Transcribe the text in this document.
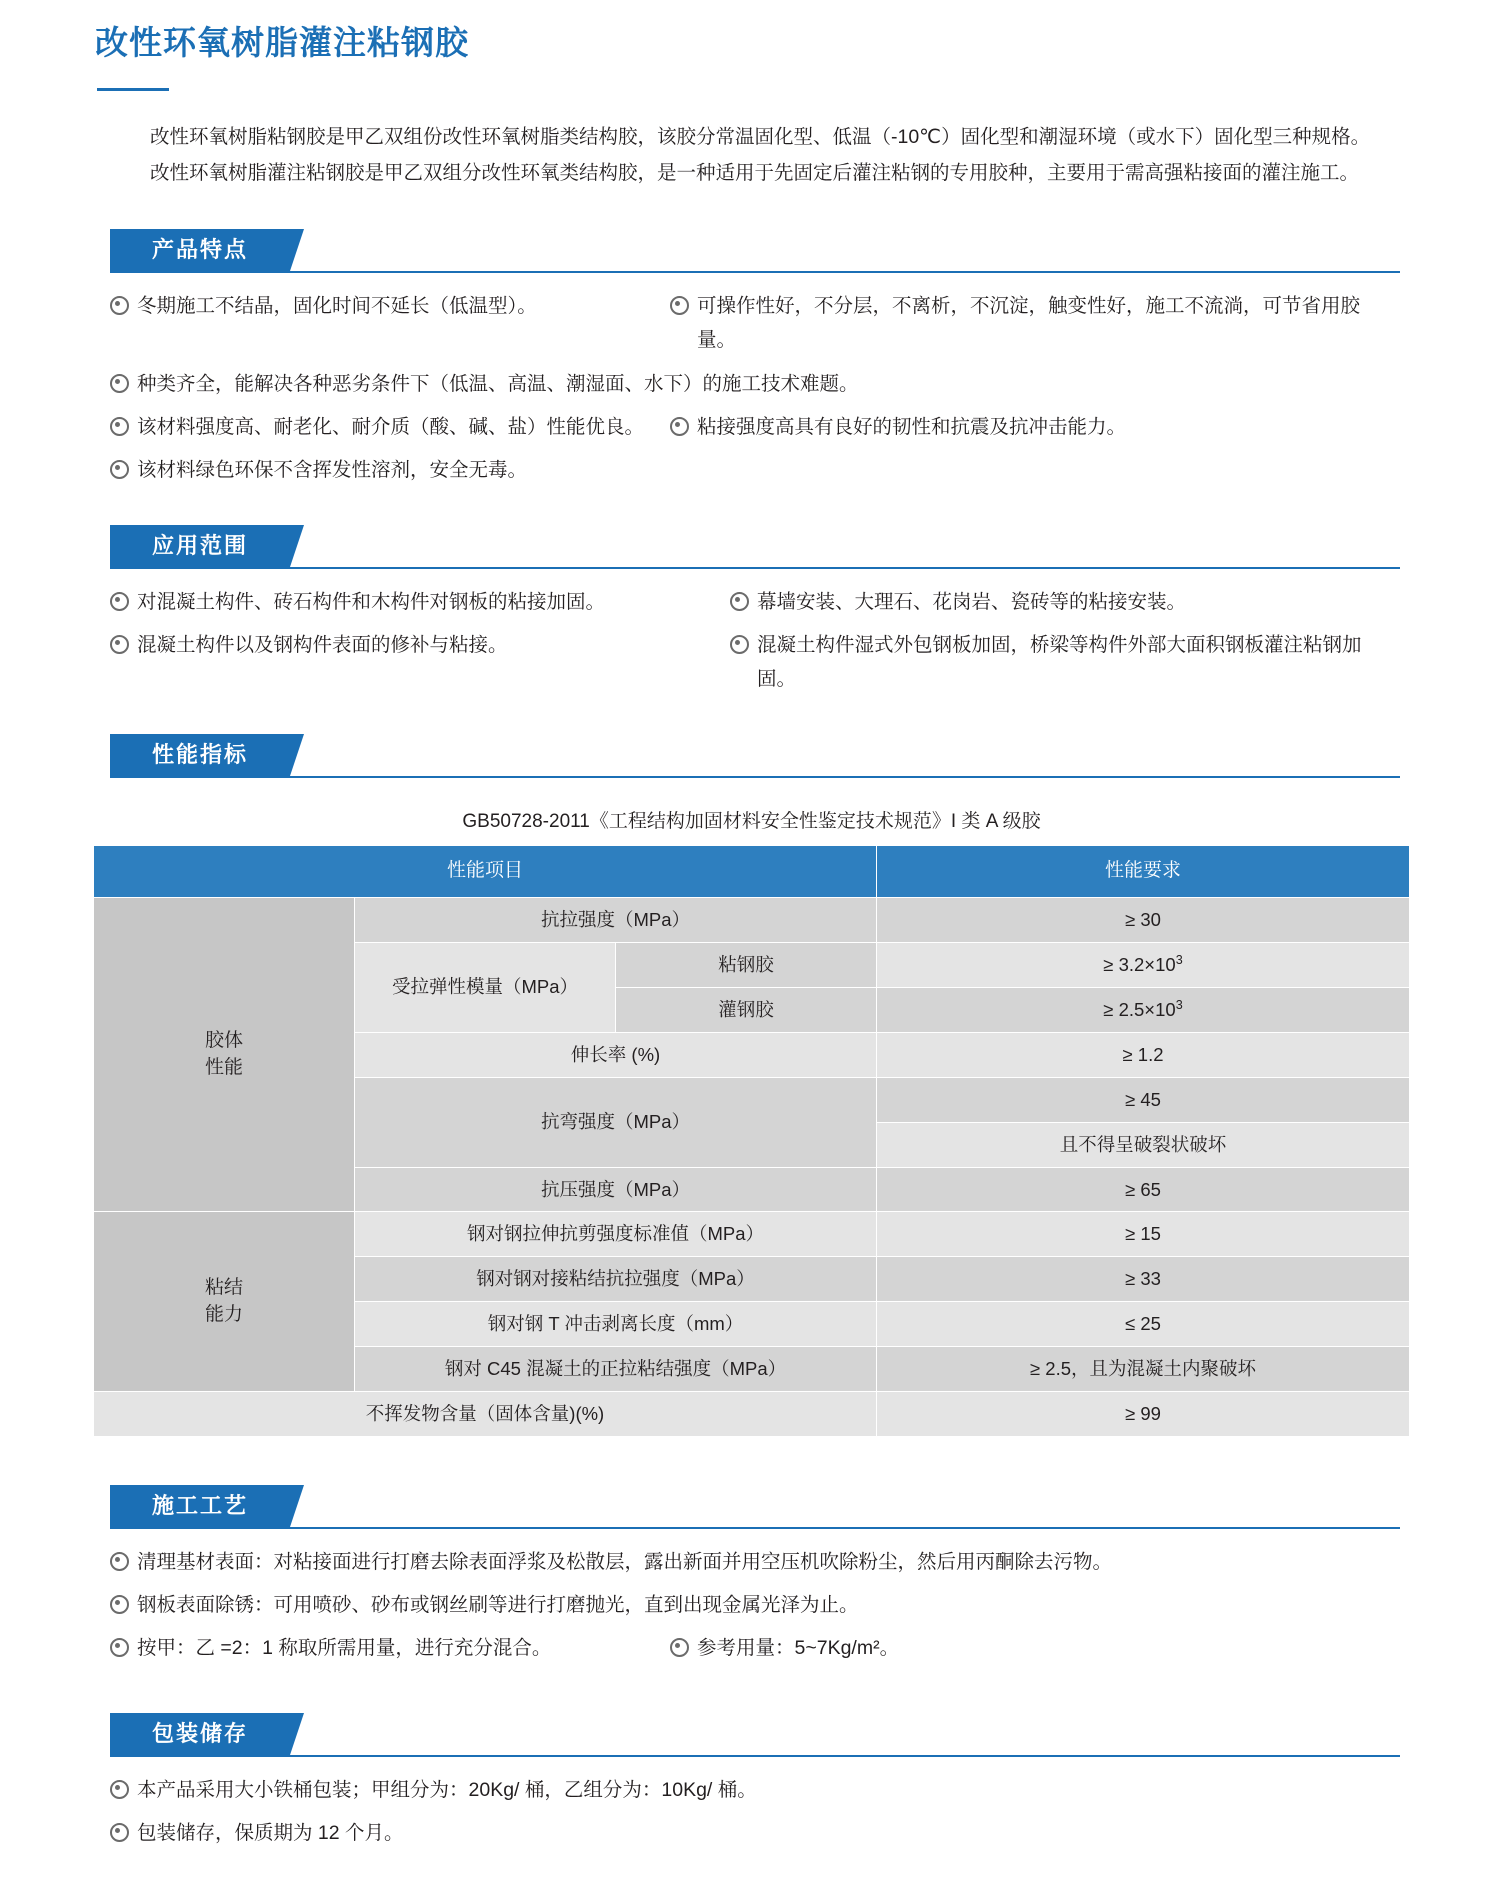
改性环氧树脂灌注粘钢胶

改性环氧树脂粘钢胶是甲乙双组份改性环氧树脂类结构胶，该胶分常温固化型、低温（-10℃）固化型和潮湿环境（或水下）固化型三种规格。

改性环氧树脂灌注粘钢胶是甲乙双组分改性环氧类结构胶，是一种适用于先固定后灌注粘钢的专用胶种，主要用于需高强粘接面的灌注施工。

产品特点
冬期施工不结晶，固化时间不延长（低温型）。	可操作性好，不分层，不离析，不沉淀，触变性好，施工不流淌，可节省用胶量。
种类齐全，能解决各种恶劣条件下（低温、高温、潮湿面、水下）的施工技术难题。
该材料强度高、耐老化、耐介质（酸、碱、盐）性能优良。	粘接强度高具有良好的韧性和抗震及抗冲击能力。
该材料绿色环保不含挥发性溶剂，安全无毒。
应用范围
对混凝土构件、砖石构件和木构件对钢板的粘接加固。	幕墙安装、大理石、花岗岩、瓷砖等的粘接安装。
混凝土构件以及钢构件表面的修补与粘接。	混凝土构件湿式外包钢板加固，桥梁等构件外部大面积钢板灌注粘钢加固。
性能指标
GB50728-2011《工程结构加固材料安全性鉴定技术规范》I 类 A 级胶
性能项目			性能要求
胶体
性能	抗拉强度（MPa）		≥ 30
	受拉弹性模量（MPa）	粘钢胶	≥ $3.2\times 10^3$
		灌钢胶	≥ $2.5\times 10^3$
	伸长率 (%)		≥ 1.2
	抗弯强度（MPa）		≥ 45
			且不得呈破裂状破坏
	抗压强度（MPa）		≥ 65
粘结
能力	钢对钢拉伸抗剪强度标准值（MPa）		≥ 15
	钢对钢对接粘结抗拉强度（MPa）		≥ 33
	钢对钢 T 冲击剥离长度（mm）		≤ 25
	钢对 C45 混凝土的正拉粘结强度（MPa）		≥ 2.5，且为混凝土内聚破坏
不挥发物含量（固体含量)(%)			≥ 99
施工工艺
清理基材表面：对粘接面进行打磨去除表面浮浆及松散层，露出新面并用空压机吹除粉尘，然后用丙酮除去污物。
钢板表面除锈：可用喷砂、砂布或钢丝刷等进行打磨抛光，直到出现金属光泽为止。
按甲：乙 =2：1 称取所需用量，进行充分混合。	参考用量：5~7Kg/m²。
包装储存
本产品采用大小铁桶包装；甲组分为：20Kg/ 桶，乙组分为：10Kg/ 桶。
包装储存，保质期为 12 个月。
